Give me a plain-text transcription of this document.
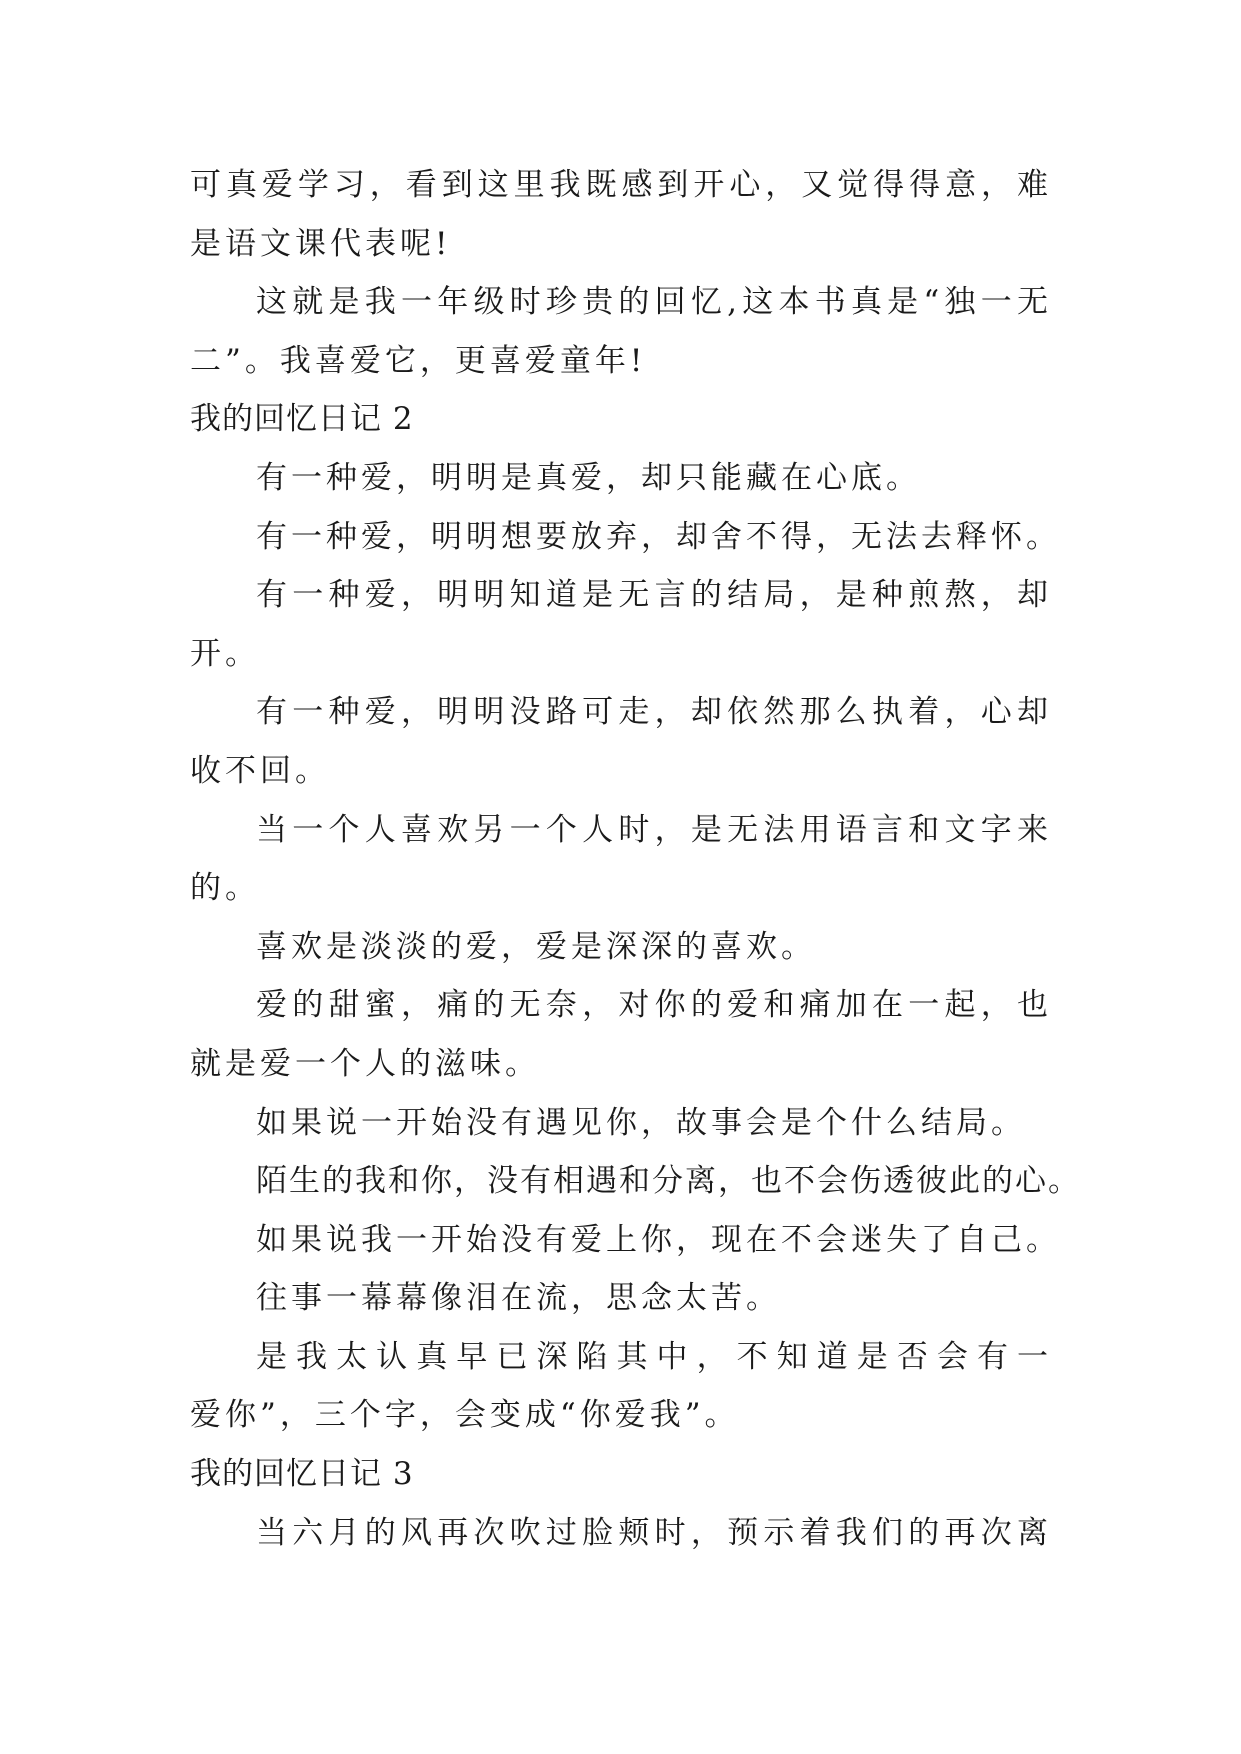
可真爱学习，看到这里我既感到开心，又觉得得意，难

是语文课代表呢!

这就是我一年级时珍贵的回忆,这本书真是“独一无

二”。我喜爱它，更喜爱童年!

我的回忆日记 2

有一种爱，明明是真爱，却只能藏在心底。

有一种爱，明明想要放弃，却舍不得，无法去释怀。

有一种爱，明明知道是无言的结局，是种煎熬，却

开。

有一种爱，明明没路可走，却依然那么执着，心却

收不回。

当一个人喜欢另一个人时，是无法用语言和文字来

的。

喜欢是淡淡的爱，爱是深深的喜欢。

爱的甜蜜，痛的无奈，对你的爱和痛加在一起，也

就是爱一个人的滋味。

如果说一开始没有遇见你，故事会是个什么结局。

陌生的我和你，没有相遇和分离，也不会伤透彼此的心。

如果说我一开始没有爱上你，现在不会迷失了自己。

往事一幕幕像泪在流，思念太苦。

是我太认真早已深陷其中，不知道是否会有一

爱你”，三个字，会变成“你爱我”。

我的回忆日记 3

当六月的风再次吹过脸颊时，预示着我们的再次离
